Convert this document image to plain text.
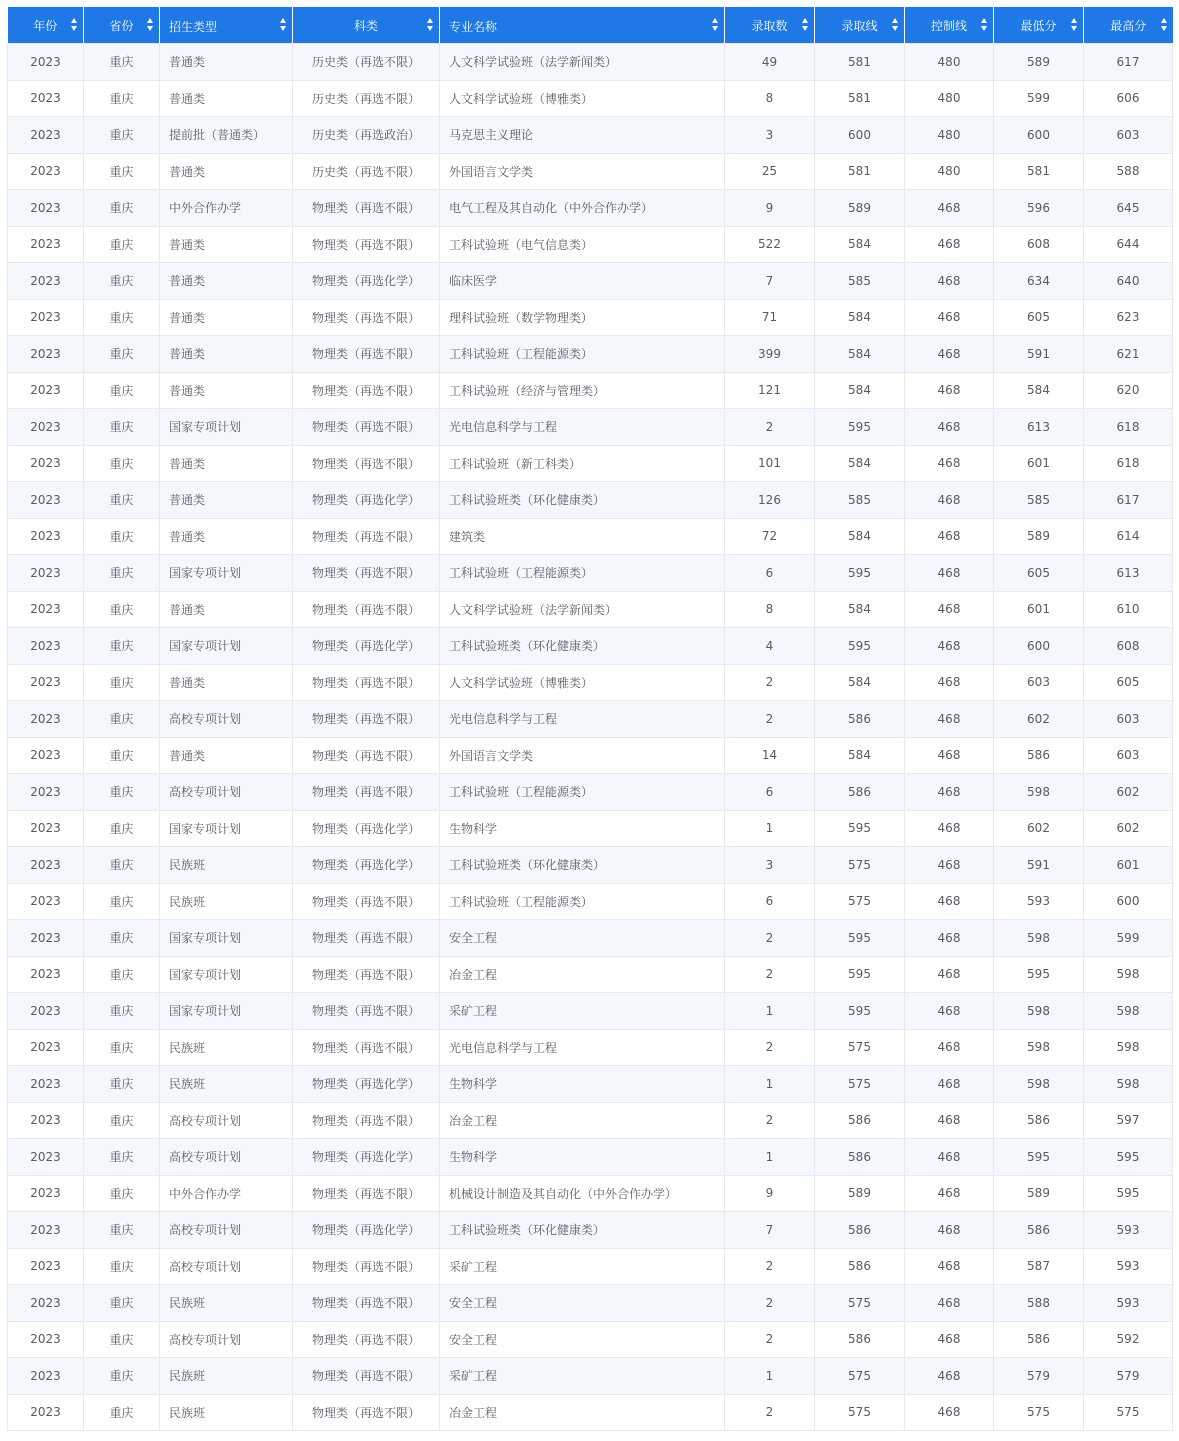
年份	省份	招生类型	科类	专业名称	录取数	录取线	控制线	最低分	最高分

2023	重庆	普通类	历史类（再选不限）	人文科学试验班（法学新闻类）	49	581	480	589	617
2023	重庆	普通类	历史类（再选不限）	人文科学试验班（博雅类）	8	581	480	599	606
2023	重庆	提前批（普通类）	历史类（再选政治）	马克思主义理论	3	600	480	600	603
2023	重庆	普通类	历史类（再选不限）	外国语言文学类	25	581	480	581	588
2023	重庆	中外合作办学	物理类（再选不限）	电气工程及其自动化（中外合作办学）	9	589	468	596	645
2023	重庆	普通类	物理类（再选不限）	工科试验班（电气信息类）	522	584	468	608	644
2023	重庆	普通类	物理类（再选化学）	临床医学	7	585	468	634	640
2023	重庆	普通类	物理类（再选不限）	理科试验班（数学物理类）	71	584	468	605	623
2023	重庆	普通类	物理类（再选不限）	工科试验班（工程能源类）	399	584	468	591	621
2023	重庆	普通类	物理类（再选不限）	工科试验班（经济与管理类）	121	584	468	584	620
2023	重庆	国家专项计划	物理类（再选不限）	光电信息科学与工程	2	595	468	613	618
2023	重庆	普通类	物理类（再选不限）	工科试验班（新工科类）	101	584	468	601	618
2023	重庆	普通类	物理类（再选化学）	工科试验班类（环化健康类）	126	585	468	585	617
2023	重庆	普通类	物理类（再选不限）	建筑类	72	584	468	589	614
2023	重庆	国家专项计划	物理类（再选不限）	工科试验班（工程能源类）	6	595	468	605	613
2023	重庆	普通类	物理类（再选不限）	人文科学试验班（法学新闻类）	8	584	468	601	610
2023	重庆	国家专项计划	物理类（再选化学）	工科试验班类（环化健康类）	4	595	468	600	608
2023	重庆	普通类	物理类（再选不限）	人文科学试验班（博雅类）	2	584	468	603	605
2023	重庆	高校专项计划	物理类（再选不限）	光电信息科学与工程	2	586	468	602	603
2023	重庆	普通类	物理类（再选不限）	外国语言文学类	14	584	468	586	603
2023	重庆	高校专项计划	物理类（再选不限）	工科试验班（工程能源类）	6	586	468	598	602
2023	重庆	国家专项计划	物理类（再选化学）	生物科学	1	595	468	602	602
2023	重庆	民族班	物理类（再选化学）	工科试验班类（环化健康类）	3	575	468	591	601
2023	重庆	民族班	物理类（再选不限）	工科试验班（工程能源类）	6	575	468	593	600
2023	重庆	国家专项计划	物理类（再选不限）	安全工程	2	595	468	598	599
2023	重庆	国家专项计划	物理类（再选不限）	冶金工程	2	595	468	595	598
2023	重庆	国家专项计划	物理类（再选不限）	采矿工程	1	595	468	598	598
2023	重庆	民族班	物理类（再选不限）	光电信息科学与工程	2	575	468	598	598
2023	重庆	民族班	物理类（再选化学）	生物科学	1	575	468	598	598
2023	重庆	高校专项计划	物理类（再选不限）	冶金工程	2	586	468	586	597
2023	重庆	高校专项计划	物理类（再选化学）	生物科学	1	586	468	595	595
2023	重庆	中外合作办学	物理类（再选不限）	机械设计制造及其自动化（中外合作办学）	9	589	468	589	595
2023	重庆	高校专项计划	物理类（再选化学）	工科试验班类（环化健康类）	7	586	468	586	593
2023	重庆	高校专项计划	物理类（再选不限）	采矿工程	2	586	468	587	593
2023	重庆	民族班	物理类（再选不限）	安全工程	2	575	468	588	593
2023	重庆	高校专项计划	物理类（再选不限）	安全工程	2	586	468	586	592
2023	重庆	民族班	物理类（再选不限）	采矿工程	1	575	468	579	579
2023	重庆	民族班	物理类（再选不限）	冶金工程	2	575	468	575	575
